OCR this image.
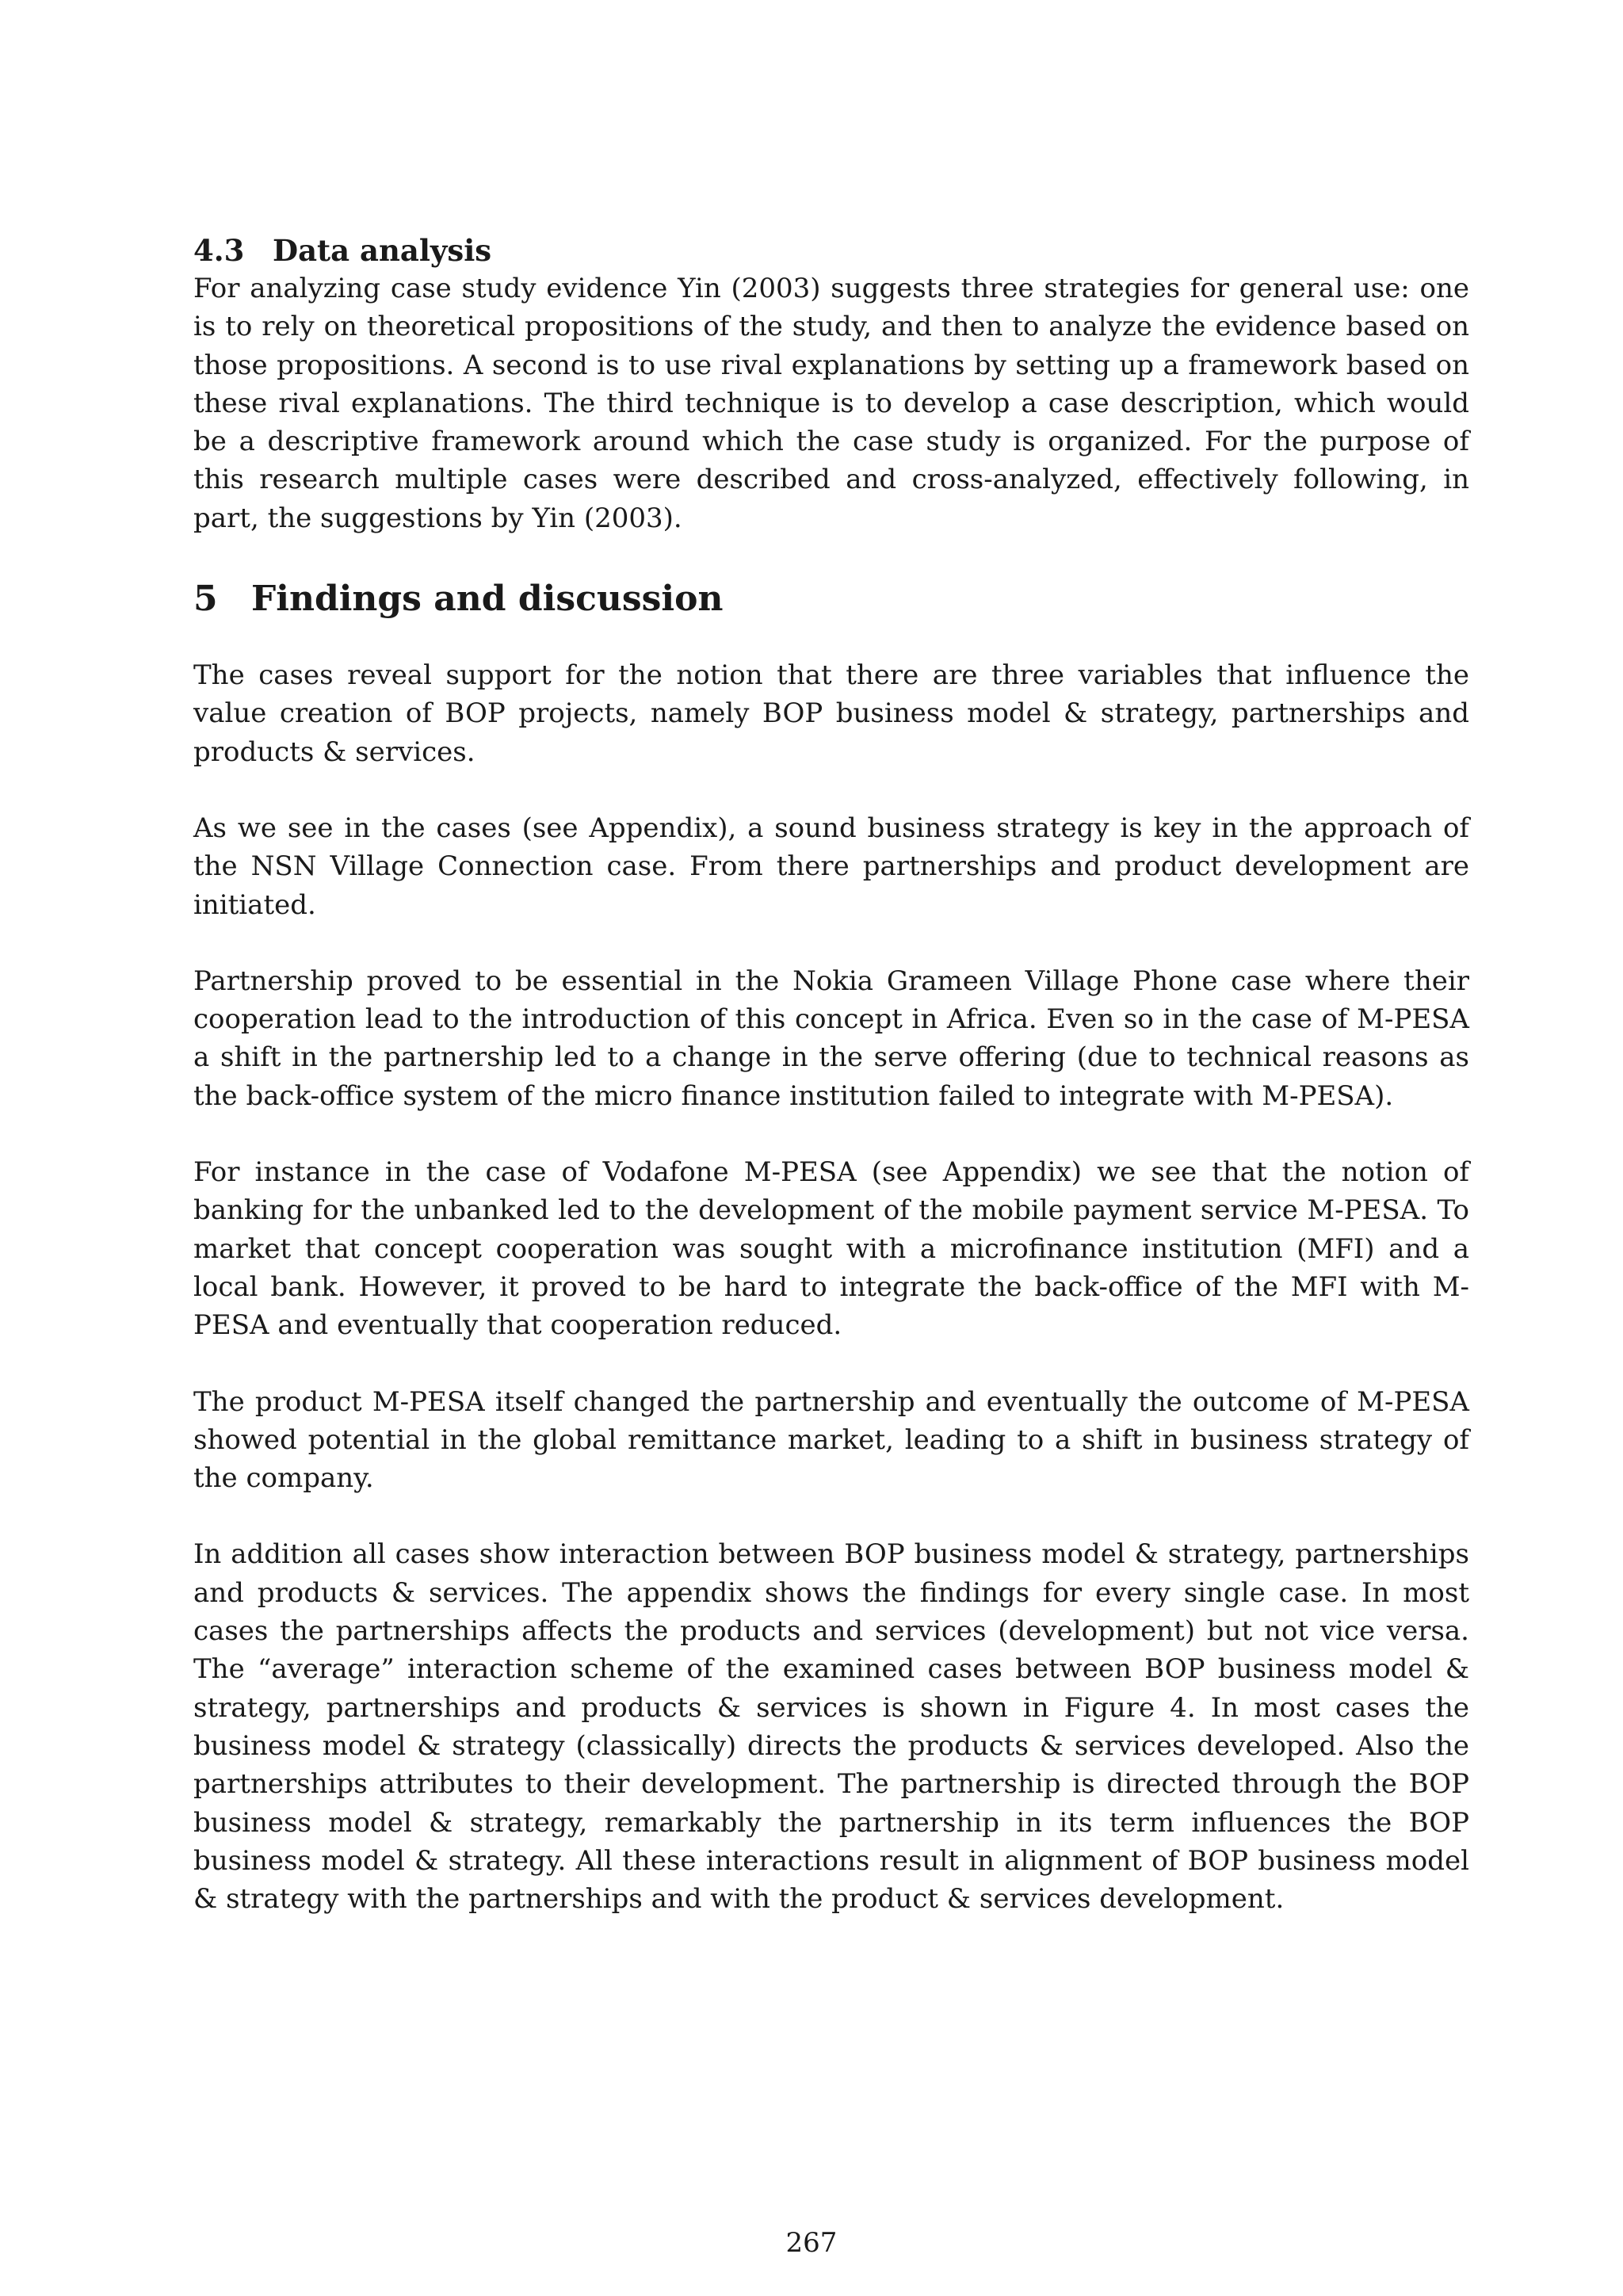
4.3 Data analysis

For analyzing case study evidence Yin (2003) suggests three strategies for general use: one is to rely on theoretical propositions of the study, and then to analyze the evidence based on those propositions. A second is to use rival explanations by setting up a framework based on these rival explanations. The third technique is to develop a case description, which would be a descriptive framework around which the case study is organized. For the purpose of this research multiple cases were described and cross-analyzed, effectively following, in part, the suggestions by Yin (2003).

5 Findings and discussion

The cases reveal support for the notion that there are three variables that influence the value creation of BOP projects, namely BOP business model & strategy, partnerships and products & services.

As we see in the cases (see Appendix), a sound business strategy is key in the approach of the NSN Village Connection case. From there partnerships and product development are initiated.

Partnership proved to be essential in the Nokia Grameen Village Phone case where their cooperation lead to the introduction of this concept in Africa. Even so in the case of M-PESA a shift in the partnership led to a change in the serve offering (due to technical reasons as the back-office system of the micro finance institution failed to integrate with M-PESA).

For instance in the case of Vodafone M-PESA (see Appendix) we see that the notion of banking for the unbanked led to the development of the mobile payment service M-PESA. To market that concept cooperation was sought with a microfinance institution (MFI) and a local bank. However, it proved to be hard to integrate the back-office of the MFI with M-PESA and eventually that cooperation reduced.

The product M-PESA itself changed the partnership and eventually the outcome of M-PESA showed potential in the global remittance market, leading to a shift in business strategy of the company.

In addition all cases show interaction between BOP business model & strategy, partnerships and products & services. The appendix shows the findings for every single case. In most cases the partnerships affects the products and services (development) but not vice versa. The “average” interaction scheme of the examined cases between BOP business model & strategy, partnerships and products & services is shown in Figure 4. In most cases the business model & strategy (classically) directs the products & services developed. Also the partnerships attributes to their development. The partnership is directed through the BOP business model & strategy, remarkably the partnership in its term influences the BOP business model & strategy. All these interactions result in alignment of BOP business model & strategy with the partnerships and with the product & services development.

267
